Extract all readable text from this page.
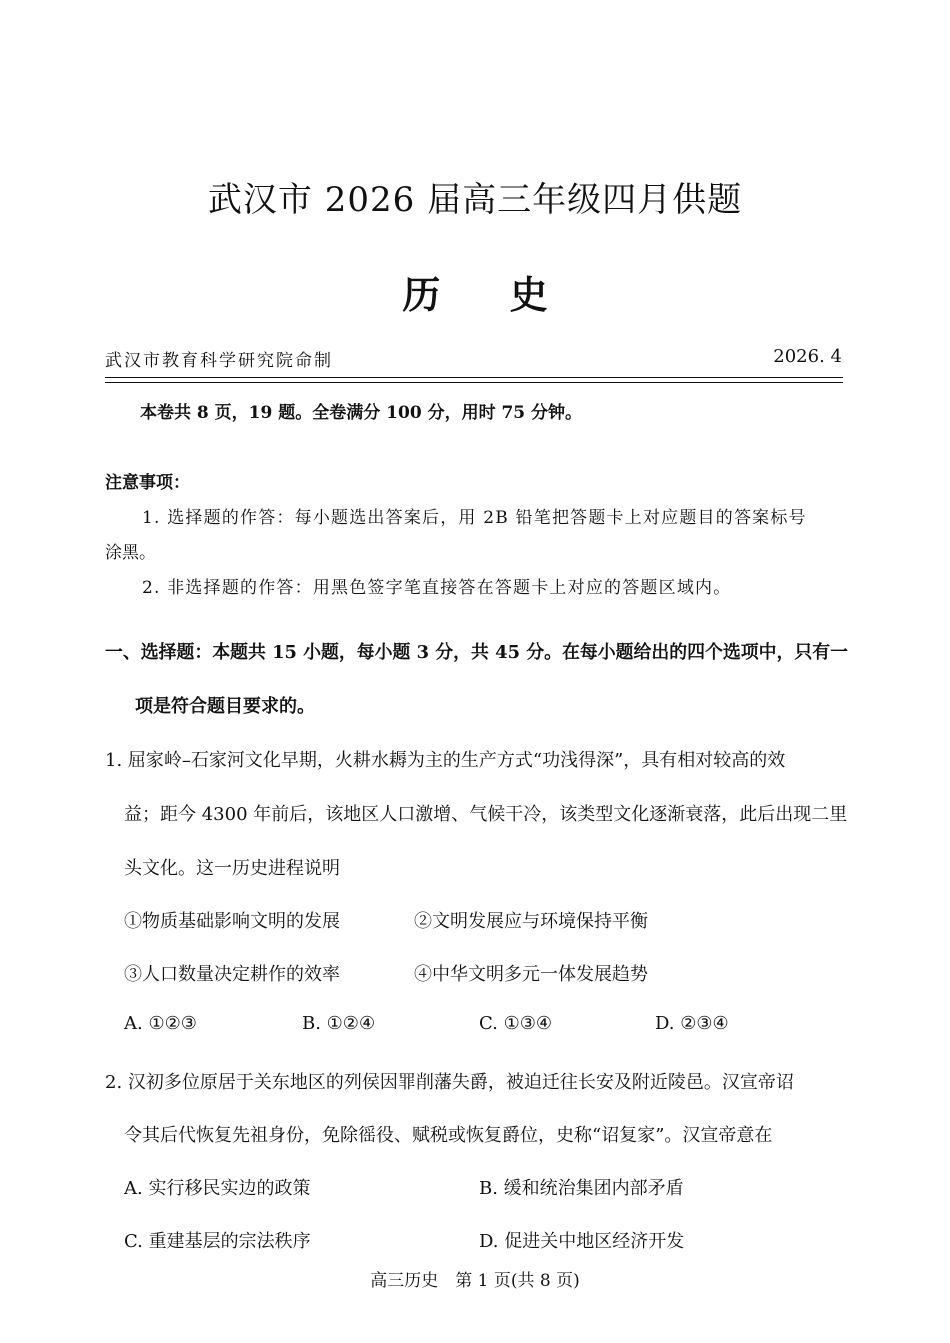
武汉市 2026 届高三年级四月供题
历 史
武汉市教育科学研究院命制	2026. 4
本卷共 8 页，19 题。全卷满分 100 分，用时 75 分钟。
注意事项：
1. 选择题的作答：每小题选出答案后，用 2B 铅笔把答题卡上对应题目的答案标号
涂黑。
2. 非选择题的作答：用黑色签字笔直接答在答题卡上对应的答题区域内。
一、选择题：本题共 15 小题，每小题 3 分，共 45 分。在每小题给出的四个选项中，只有一
项是符合题目要求的。
1. 屈家岭–石家河文化早期，火耕水耨为主的生产方式“功浅得深”，具有相对较高的效
益；距今 4300 年前后，该地区人口激增、气候干冷，该类型文化逐渐衰落，此后出现二里
头文化。这一历史进程说明
①物质基础影响文明的发展	②文明发展应与环境保持平衡
③人口数量决定耕作的效率	④中华文明多元一体发展趋势
A. ①②③	B. ①②④	C. ①③④	D. ②③④
2. 汉初多位原居于关东地区的列侯因罪削藩失爵，被迫迁往长安及附近陵邑。汉宣帝诏
令其后代恢复先祖身份，免除徭役、赋税或恢复爵位，史称“诏复家”。汉宣帝意在
A. 实行移民实边的政策	B. 缓和统治集团内部矛盾
C. 重建基层的宗法秩序	D. 促进关中地区经济开发
高三历史　第 1 页(共 8 页)
